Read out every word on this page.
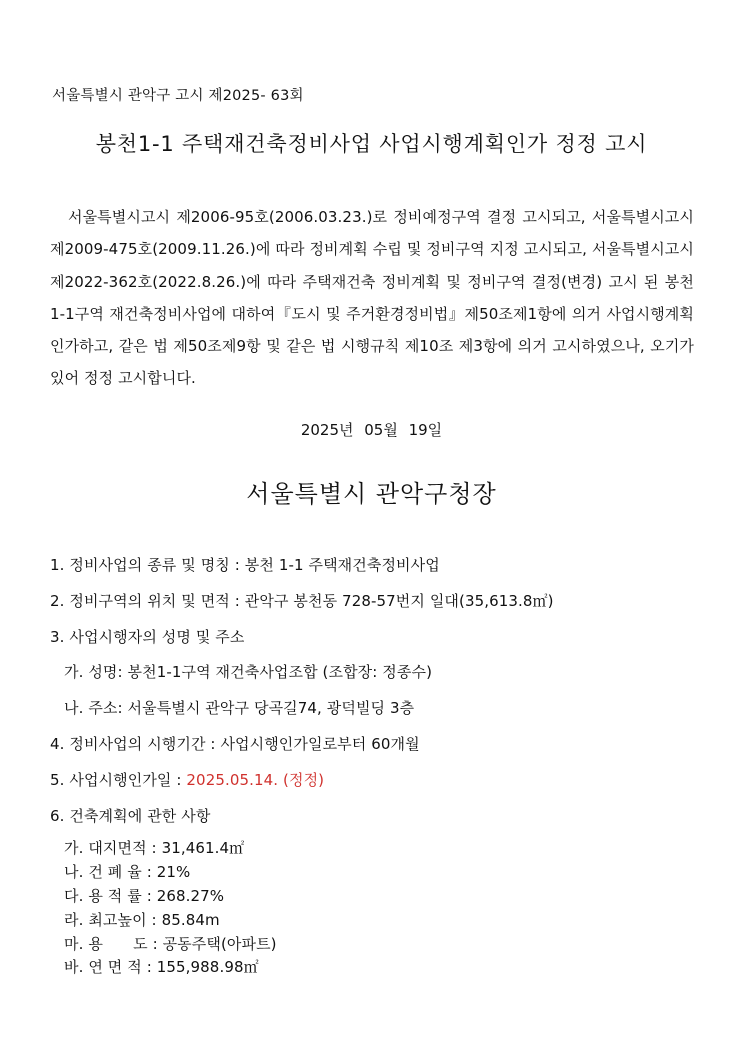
서울특별시 관악구 고시 제2025- 63회
봉천1-1 주택재건축정비사업 사업시행계획인가 정정 고시

서울특별시고시 제2006-95호(2006.03.23.)로 정비예정구역 결정 고시되고, 서울특별시고시 제2009-475호(2009.11.26.)에 따라 정비계획 수립 및 정비구역 지정 고시되고, 서울특별시고시 제2022-362호(2022.8.26.)에 따라 주택재건축 정비계획 및 정비구역 결정(변경) 고시 된 봉천1-1구역 재건축정비사업에 대하여『도시 및 주거환경정비법』제50조제1항에 의거 사업시행계획인가하고, 같은 법 제50조제9항 및 같은 법 시행규칙 제10조 제3항에 의거 고시하였으나, 오기가 있어 정정 고시합니다.

2025년 05월 19일
서울특별시 관악구청장
1. 정비사업의 종류 및 명칭 : 봉천 1-1 주택재건축정비사업
2. 정비구역의 위치 및 면적 : 관악구 봉천동 728-57번지 일대(35,613.8㎡)
3. 사업시행자의 성명 및 주소
가. 성명: 봉천1-1구역 재건축사업조합 (조합장: 정종수)
나. 주소: 서울특별시 관악구 당곡길74, 광덕빌딩 3층
4. 정비사업의 시행기간 : 사업시행인가일로부터 60개월
5. 사업시행인가일 : 2025.05.14. (정정)
6. 건축계획에 관한 사항
가. 대지면적 : 31,461.4㎡
나. 건 폐 율 : 21%
다. 용 적 률 : 268.27%
라. 최고높이 : 85.84m
마. 용　　도 : 공동주택(아파트)
바. 연 면 적 : 155,988.98㎡
